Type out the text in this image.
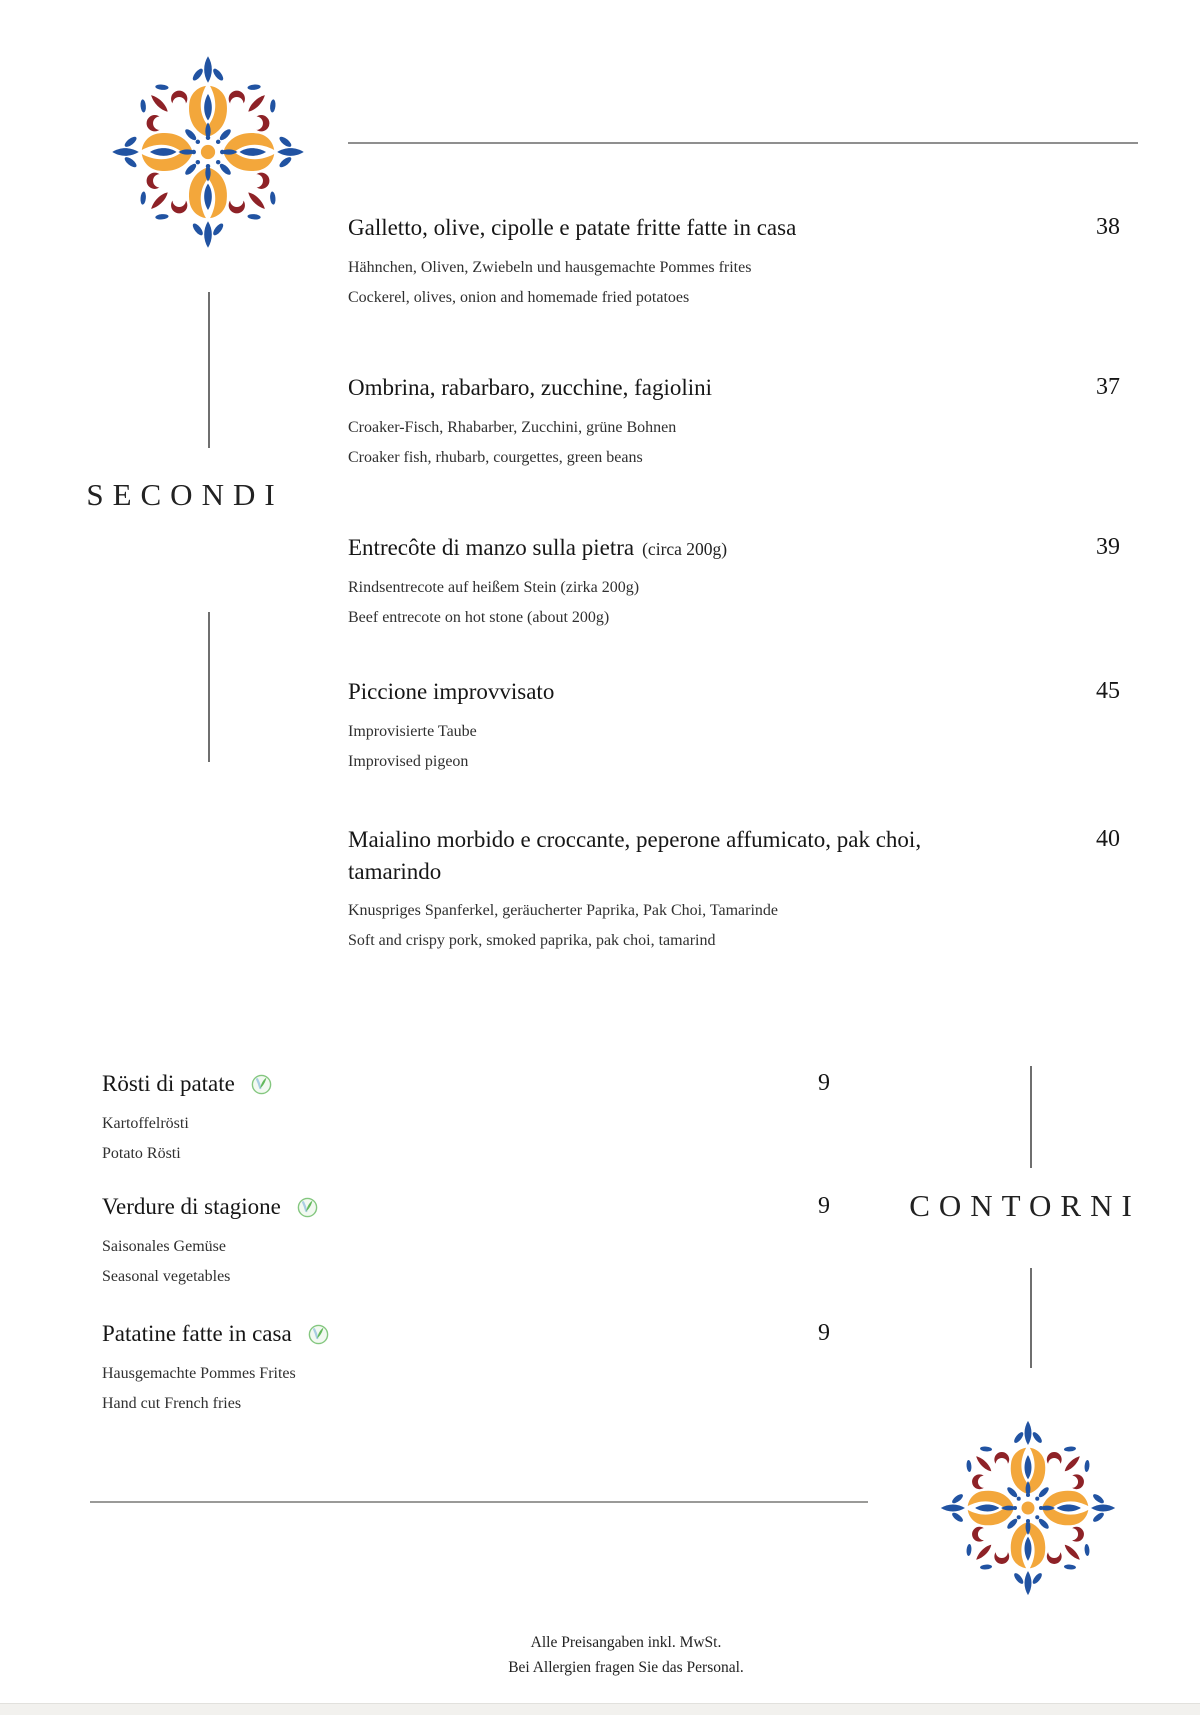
SECONDI
Galletto, olive, cipolle e patate fritte fatte in casa
Hähnchen, Oliven, Zwiebeln und hausgemachte Pommes frites
Cockerel, olives, onion and homemade fried potatoes
38
Ombrina, rabarbaro, zucchine, fagiolini
Croaker-Fisch, Rhabarber, Zucchini, grüne Bohnen
Croaker fish, rhubarb, courgettes, green beans
37
Entrecôte di manzo sulla pietra (circa 200g)
Rindsentrecote auf heißem Stein (zirka 200g)
Beef entrecote on hot stone (about 200g)
39
Piccione improvvisato
Improvisierte Taube
Improvised pigeon
45
Maialino morbido e croccante, peperone affumicato, pak choi, tamarindo
Knuspriges Spanferkel, geräucherter Paprika, Pak Choi, Tamarinde
Soft and crispy pork, smoked paprika, pak choi, tamarind
40
Rösti di patate
Kartoffelrösti
Potato Rösti
9
Verdure di stagione
Saisonales Gemüse
Seasonal vegetables
9
Patatine fatte in casa
Hausgemachte Pommes Frites
Hand cut French fries
9
CONTORNI
Alle Preisangaben inkl. MwSt.
Bei Allergien fragen Sie das Personal.
